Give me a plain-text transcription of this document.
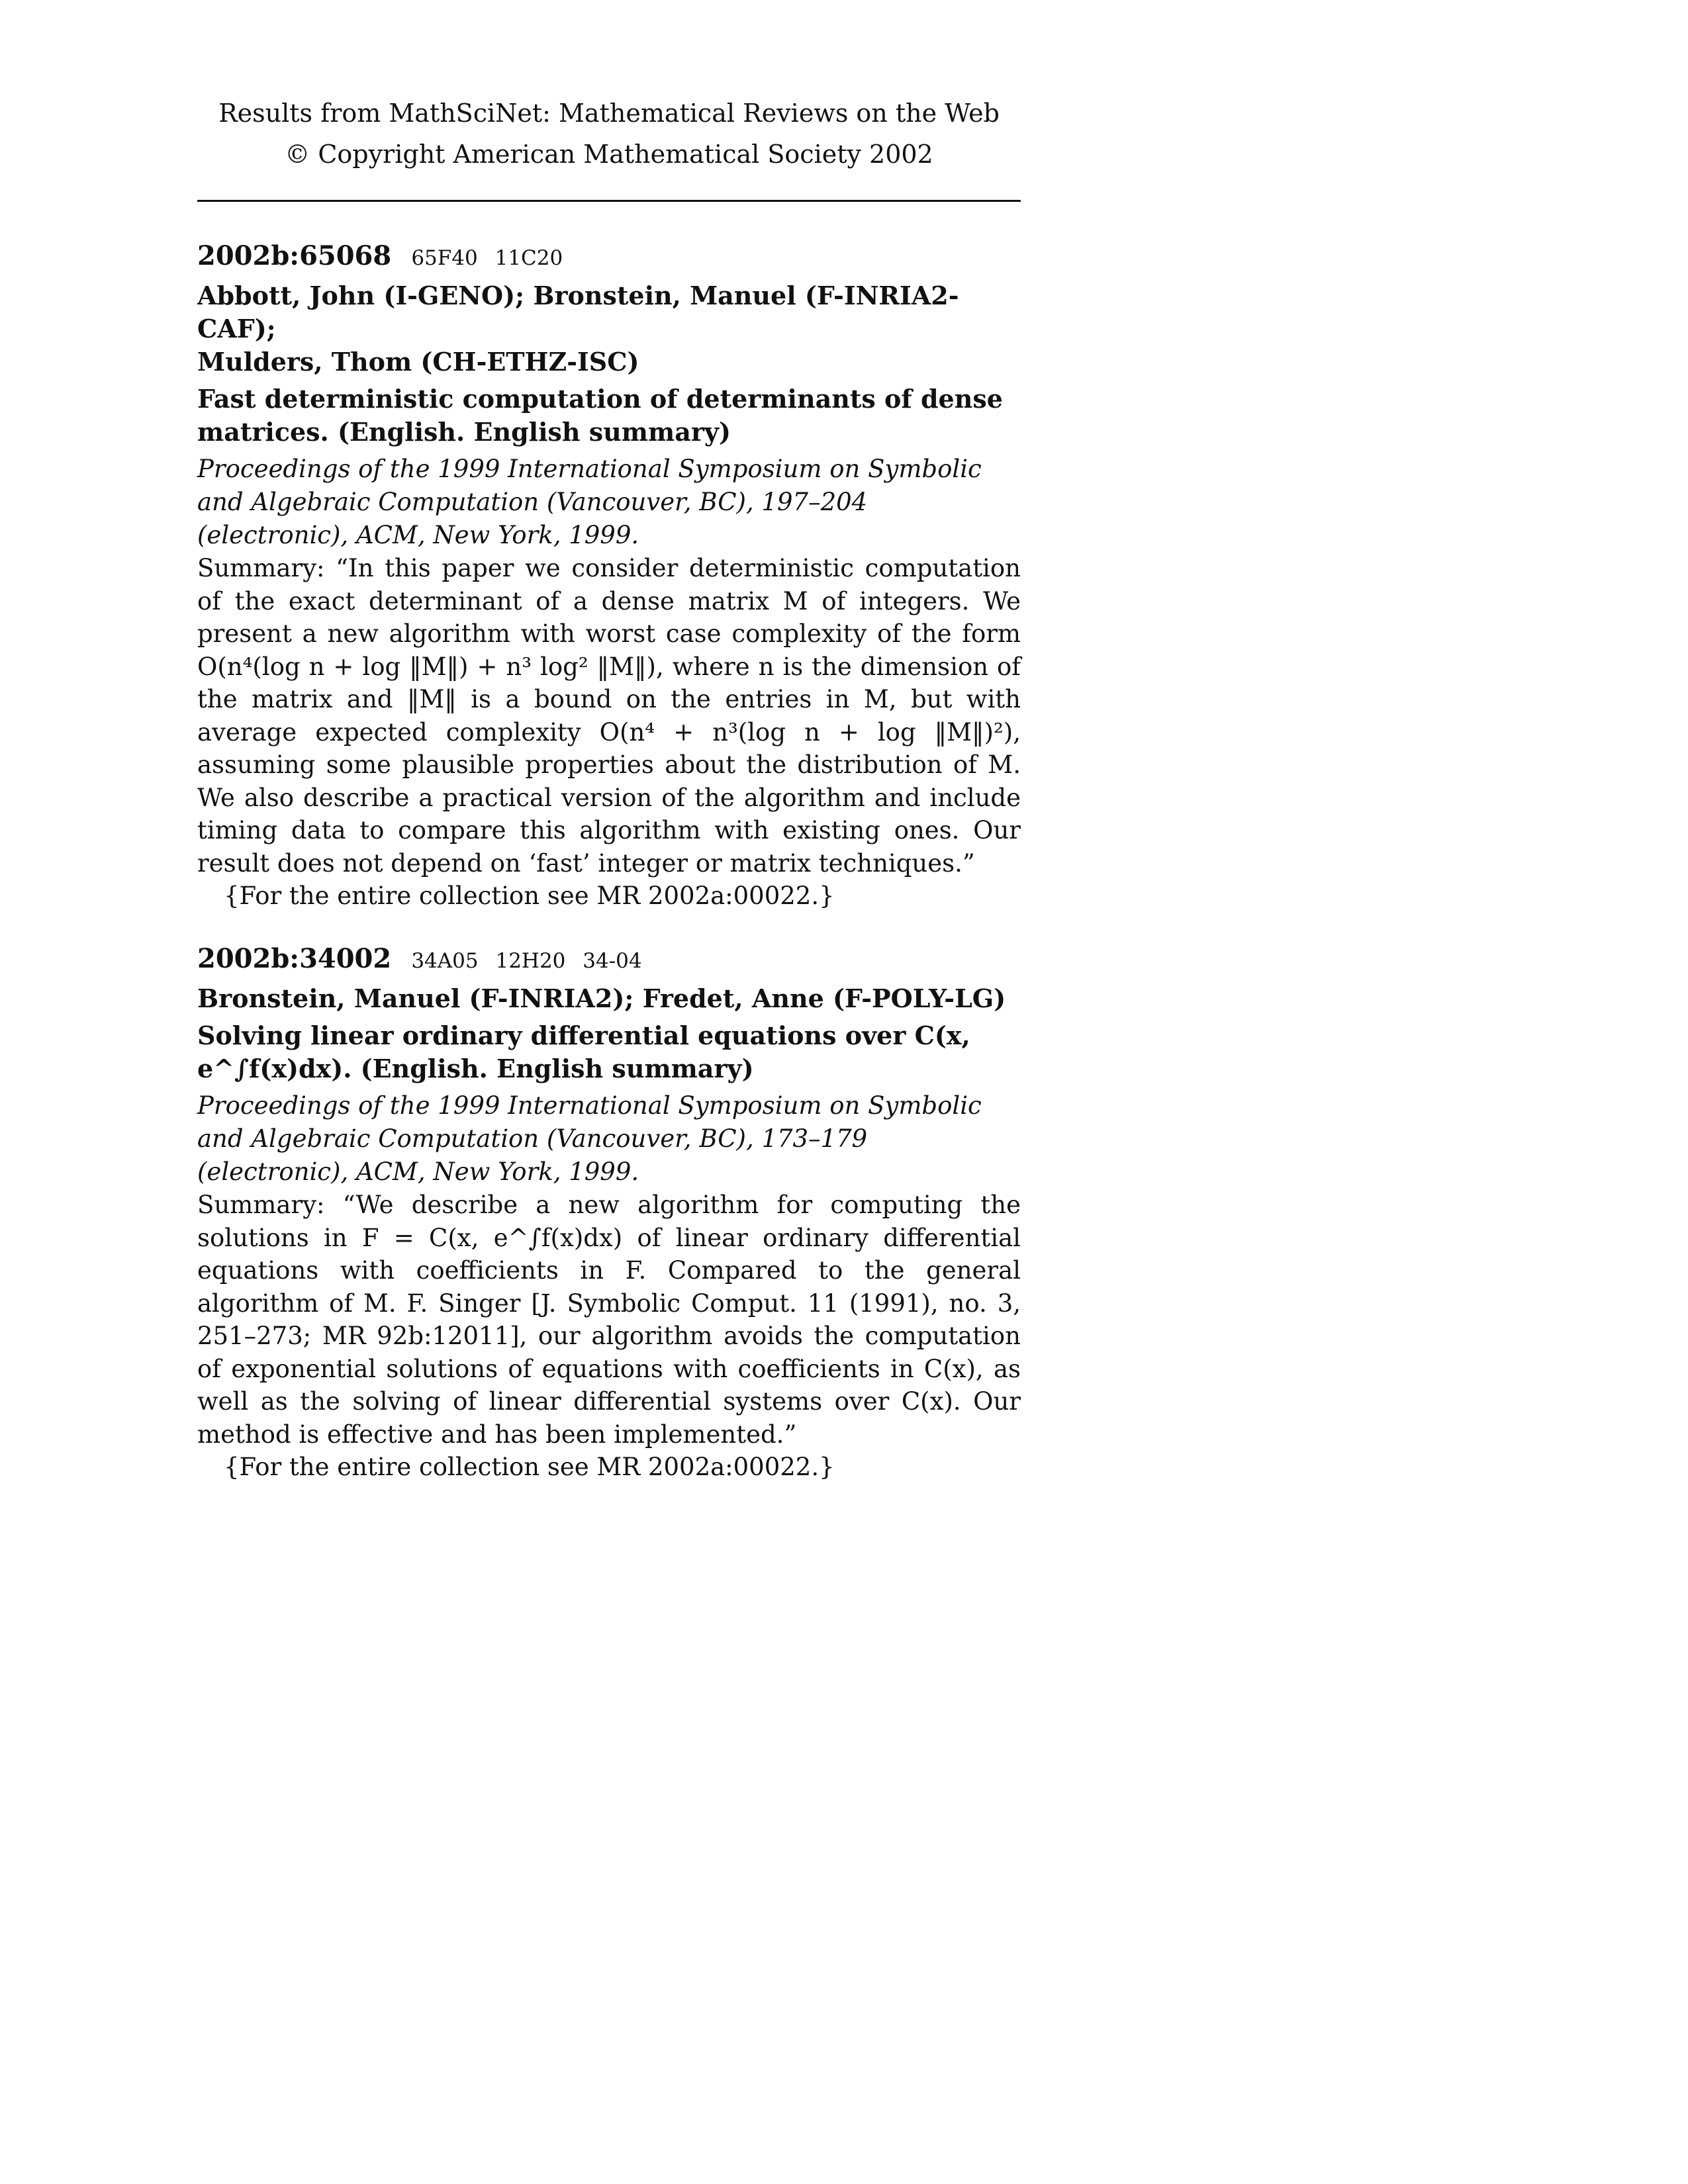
Results from MathSciNet: Mathematical Reviews on the Web
© Copyright American Mathematical Society 2002
2002b:65068 65F40 11C20
Abbott, John (I-GENO); Bronstein, Manuel (F-INRIA2-CAF);
Mulders, Thom (CH-ETHZ-ISC)
Fast deterministic computation of determinants of dense matrices. (English. English summary)
Proceedings of the 1999 International Symposium on Symbolic and Algebraic Computation (Vancouver, BC), 197–204 (electronic), ACM, New York, 1999.
Summary: “In this paper we consider deterministic computation of the exact determinant of a dense matrix M of integers. We present a new algorithm with worst case complexity of the form O(n⁴(log n + log ‖M‖) + n³ log² ‖M‖), where n is the dimension of the matrix and ‖M‖ is a bound on the entries in M, but with average expected complexity O(n⁴ + n³(log n + log ‖M‖)²), assuming some plausible properties about the distribution of M. We also describe a practical version of the algorithm and include timing data to compare this algorithm with existing ones. Our result does not depend on ‘fast’ integer or matrix techniques.”
{For the entire collection see MR 2002a:00022.}
2002b:34002 34A05 12H20 34-04
Bronstein, Manuel (F-INRIA2); Fredet, Anne (F-POLY-LG)
Solving linear ordinary differential equations over C(x, e^∫f(x)dx). (English. English summary)
Proceedings of the 1999 International Symposium on Symbolic and Algebraic Computation (Vancouver, BC), 173–179 (electronic), ACM, New York, 1999.
Summary: “We describe a new algorithm for computing the solutions in F = C(x, e^∫f(x)dx) of linear ordinary differential equations with coefficients in F. Compared to the general algorithm of M. F. Singer [J. Symbolic Comput. 11 (1991), no. 3, 251–273; MR 92b:12011], our algorithm avoids the computation of exponential solutions of equations with coefficients in C(x), as well as the solving of linear differential systems over C(x). Our method is effective and has been implemented.”
{For the entire collection see MR 2002a:00022.}
